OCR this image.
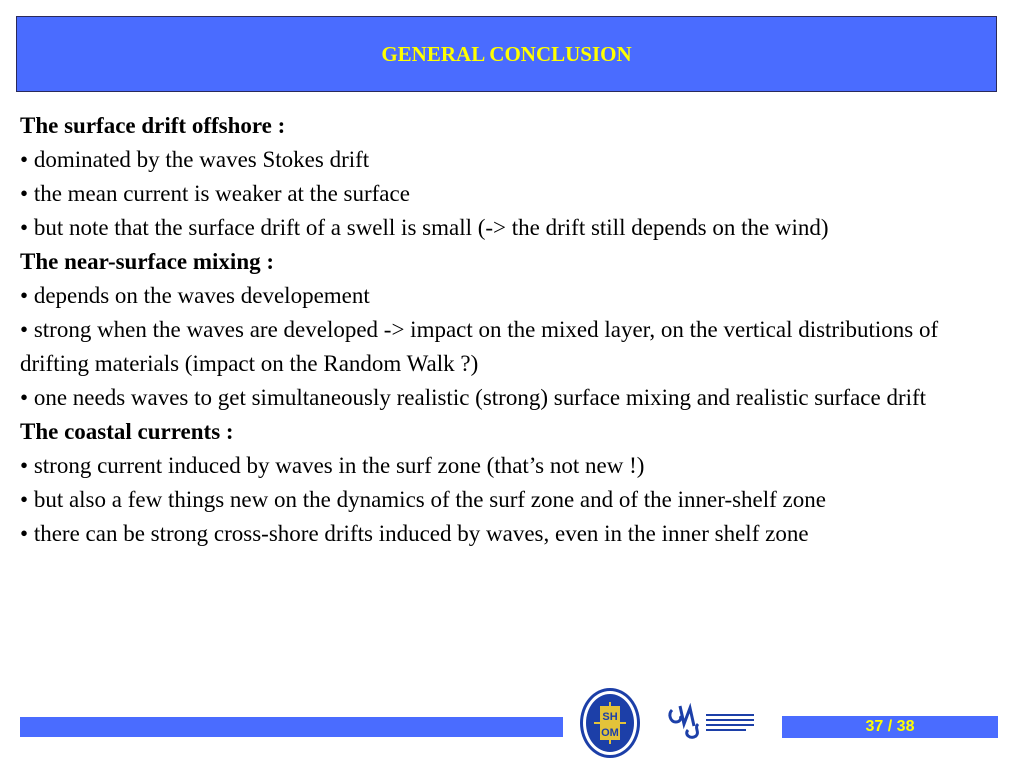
GENERAL CONCLUSION

The surface drift offshore :

• dominated by the waves Stokes drift

• the mean current is weaker at the surface

• but note that the surface drift of a swell is small (-> the drift still depends on the wind)

The near-surface mixing :

• depends on the waves developement

• strong when the waves are developed -> impact on the mixed layer, on the vertical distributions of drifting materials (impact on the Random Walk ?)

• one needs waves to get simultaneously realistic (strong) surface mixing and realistic surface drift

The coastal currents :

• strong current induced by waves in the surf zone (that’s not new !)

• but also a few things new on the dynamics of the surf zone and of the inner-shelf zone

• there can be strong cross-shore drifts induced by waves, even in the inner shelf zone

SH
OM	37 / 38
